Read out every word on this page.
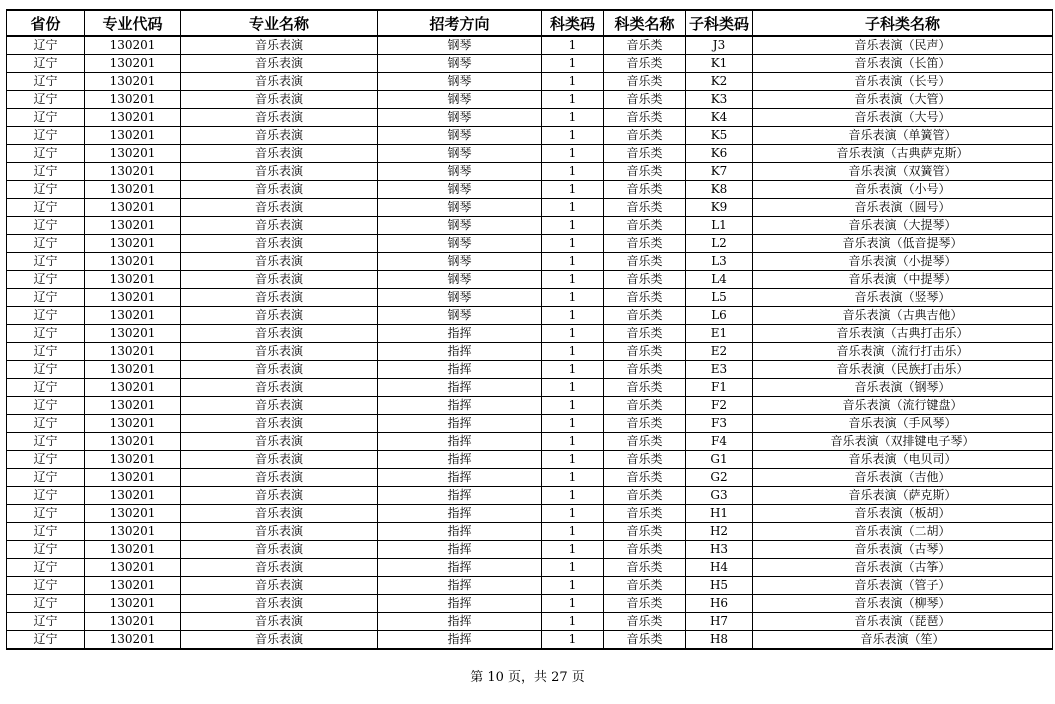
省份	专业代码	专业名称	招考方向	科类码	科类名称	子科类码	子科类名称
辽宁	130201	音乐表演	钢琴	1	音乐类	J3	音乐表演（民声）
辽宁	130201	音乐表演	钢琴	1	音乐类	K1	音乐表演（长笛）
辽宁	130201	音乐表演	钢琴	1	音乐类	K2	音乐表演（长号）
辽宁	130201	音乐表演	钢琴	1	音乐类	K3	音乐表演（大管）
辽宁	130201	音乐表演	钢琴	1	音乐类	K4	音乐表演（大号）
辽宁	130201	音乐表演	钢琴	1	音乐类	K5	音乐表演（单簧管）
辽宁	130201	音乐表演	钢琴	1	音乐类	K6	音乐表演（古典萨克斯）
辽宁	130201	音乐表演	钢琴	1	音乐类	K7	音乐表演（双簧管）
辽宁	130201	音乐表演	钢琴	1	音乐类	K8	音乐表演（小号）
辽宁	130201	音乐表演	钢琴	1	音乐类	K9	音乐表演（圆号）
辽宁	130201	音乐表演	钢琴	1	音乐类	L1	音乐表演（大提琴）
辽宁	130201	音乐表演	钢琴	1	音乐类	L2	音乐表演（低音提琴）
辽宁	130201	音乐表演	钢琴	1	音乐类	L3	音乐表演（小提琴）
辽宁	130201	音乐表演	钢琴	1	音乐类	L4	音乐表演（中提琴）
辽宁	130201	音乐表演	钢琴	1	音乐类	L5	音乐表演（竖琴）
辽宁	130201	音乐表演	钢琴	1	音乐类	L6	音乐表演（古典吉他）
辽宁	130201	音乐表演	指挥	1	音乐类	E1	音乐表演（古典打击乐）
辽宁	130201	音乐表演	指挥	1	音乐类	E2	音乐表演（流行打击乐）
辽宁	130201	音乐表演	指挥	1	音乐类	E3	音乐表演（民族打击乐）
辽宁	130201	音乐表演	指挥	1	音乐类	F1	音乐表演（钢琴）
辽宁	130201	音乐表演	指挥	1	音乐类	F2	音乐表演（流行键盘）
辽宁	130201	音乐表演	指挥	1	音乐类	F3	音乐表演（手风琴）
辽宁	130201	音乐表演	指挥	1	音乐类	F4	音乐表演（双排键电子琴）
辽宁	130201	音乐表演	指挥	1	音乐类	G1	音乐表演（电贝司）
辽宁	130201	音乐表演	指挥	1	音乐类	G2	音乐表演（吉他）
辽宁	130201	音乐表演	指挥	1	音乐类	G3	音乐表演（萨克斯）
辽宁	130201	音乐表演	指挥	1	音乐类	H1	音乐表演（板胡）
辽宁	130201	音乐表演	指挥	1	音乐类	H2	音乐表演（二胡）
辽宁	130201	音乐表演	指挥	1	音乐类	H3	音乐表演（古琴）
辽宁	130201	音乐表演	指挥	1	音乐类	H4	音乐表演（古筝）
辽宁	130201	音乐表演	指挥	1	音乐类	H5	音乐表演（管子）
辽宁	130201	音乐表演	指挥	1	音乐类	H6	音乐表演（柳琴）
辽宁	130201	音乐表演	指挥	1	音乐类	H7	音乐表演（琵琶）
辽宁	130201	音乐表演	指挥	1	音乐类	H8	音乐表演（笙）
第 10 页，共 27 页
